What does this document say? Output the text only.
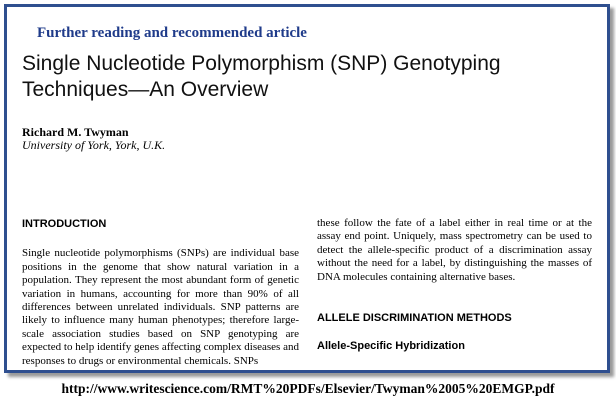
Further reading and recommended article
Single Nucleotide Polymorphism (SNP) Genotyping Techniques—An Overview
Richard M. Twyman
University of York, York, U.K.

INTRODUCTION

Single nucleotide polymorphisms (SNPs) are individual base positions in the genome that show natural variation in a population. They represent the most abundant form of genetic variation in humans, accounting for more than 90% of all differences between unrelated individuals. SNP patterns are likely to influence many human phenotypes; therefore large-scale association studies based on SNP genotyping are expected to help identify genes affecting complex diseases and responses to drugs or environmental chemicals. SNPs

these follow the fate of a label either in real time or at the assay end point. Uniquely, mass spectrometry can be used to detect the allele-specific product of a discrimination assay without the need for a label, by distinguishing the masses of DNA molecules containing alternative bases.

ALLELE DISCRIMINATION METHODS

Allele-Specific Hybridization

http://www.writescience.com/RMT%20PDFs/Elsevier/Twyman%2005%20EMGP.pdf
